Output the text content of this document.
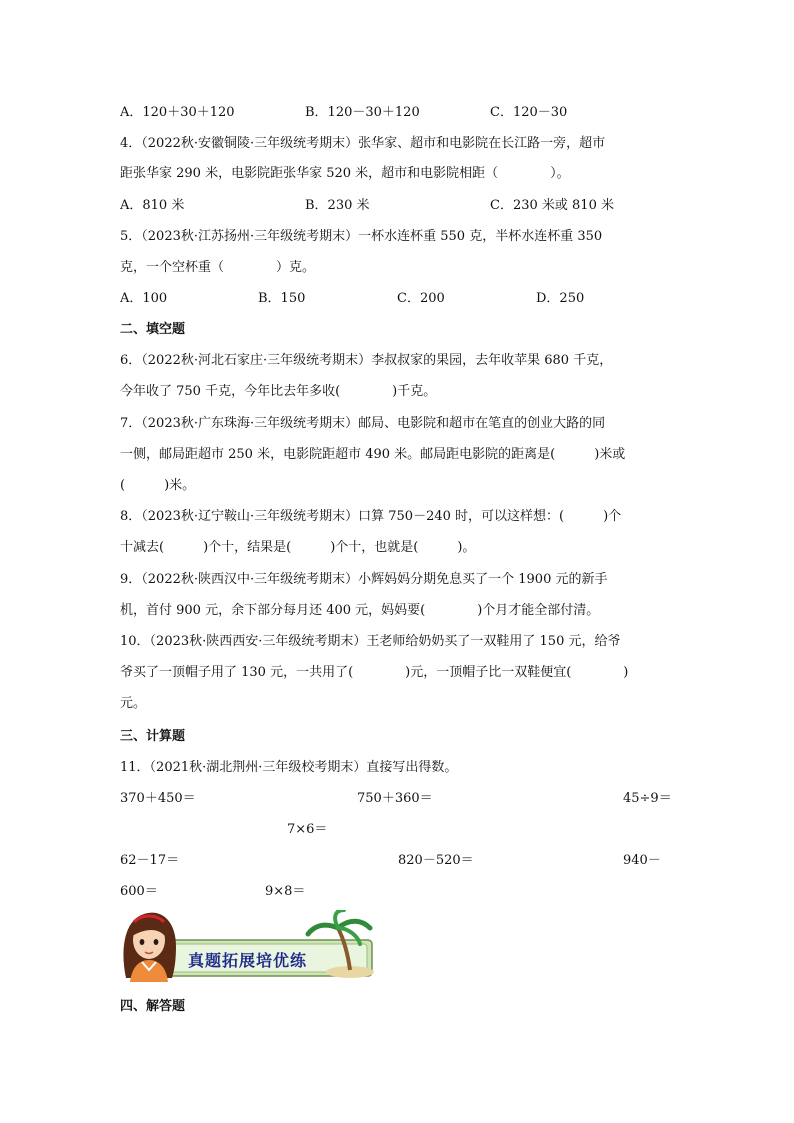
A．120＋30＋120	B．120－30＋120	C．120－30
4．（2022秋·安徽铜陵·三年级统考期末）张华家、超市和电影院在长江路一旁，超市
距张华家 290 米，电影院距张华家 520 米，超市和电影院相距（　　　　）。
A．810 米	B．230 米	C．230 米或 810 米
5．（2023秋·江苏扬州·三年级统考期末）一杯水连杯重 550 克，半杯水连杯重 350
克，一个空杯重（　　　　）克。
A．100	B．150	C．200	D．250
二、填空题
6．（2022秋·河北石家庄·三年级统考期末）李叔叔家的果园，去年收苹果 680 千克，
今年收了 750 千克，今年比去年多收(　　　　)千克。
7．（2023秋·广东珠海·三年级统考期末）邮局、电影院和超市在笔直的创业大路的同
一侧，邮局距超市 250 米，电影院距超市 490 米。邮局距电影院的距离是(　　　)米或
(　　　)米。
8．（2023秋·辽宁鞍山·三年级统考期末）口算 750－240 时，可以这样想：(　　　)个
十减去(　　　)个十，结果是(　　　)个十，也就是(　　　)。
9．（2022秋·陕西汉中·三年级统考期末）小辉妈妈分期免息买了一个 1900 元的新手
机，首付 900 元，余下部分每月还 400 元，妈妈要(　　　　)个月才能全部付清。
10．（2023秋·陕西西安·三年级统考期末）王老师给奶奶买了一双鞋用了 150 元，给爷
爷买了一顶帽子用了 130 元，一共用了(　　　　)元，一顶帽子比一双鞋便宜(　　　　)
元。
三、计算题
11．（2021秋·湖北荆州·三年级校考期末）直接写出得数。
370＋450＝	750＋360＝	45÷9＝
7×6＝
62－17＝	820－520＝	940－
600＝	9×8＝
真题拓展培优练
四、解答题
